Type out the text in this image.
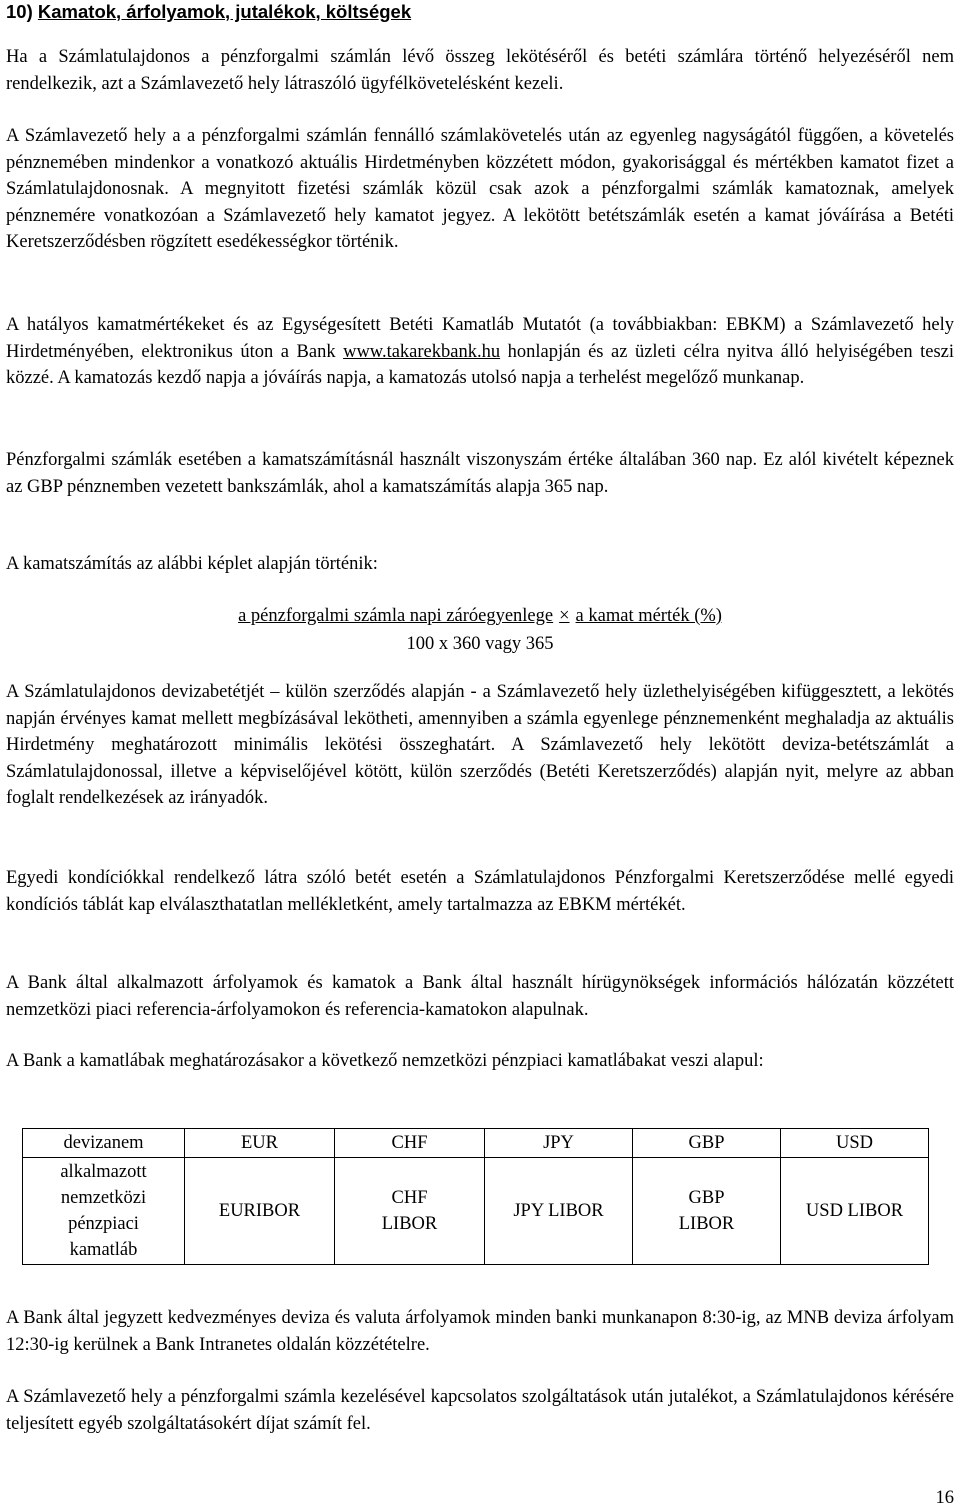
10) Kamatok, árfolyamok, jutalékok, költségek

Ha a Számlatulajdonos a pénzforgalmi számlán lévő összeg lekötéséről és betéti számlára történő helyezéséről nem rendelkezik, azt a Számlavezető hely látraszóló ügyfélkövetelésként kezeli.

A Számlavezető hely a a pénzforgalmi számlán fennálló számlakövetelés után az egyenleg nagyságától függően, a követelés pénznemében mindenkor a vonatkozó aktuális Hirdetményben közzétett módon, gyakorisággal és mértékben kamatot fizet a Számlatulajdonosnak. A megnyitott fizetési számlák közül csak azok a pénzforgalmi számlák kamatoznak, amelyek pénznemére vonatkozóan a Számlavezető hely kamatot jegyez. A lekötött betétszámlák esetén a kamat jóváírása a Betéti Keretszerződésben rögzített esedékességkor történik.

A hatályos kamatmértékeket és az Egységesített Betéti Kamatláb Mutatót (a továbbiakban: EBKM) a Számlavezető hely Hirdetményében, elektronikus úton a Bank www.takarekbank.hu honlapján és az üzleti célra nyitva álló helyiségében teszi közzé. A kamatozás kezdő napja a jóváírás napja, a kamatozás utolsó napja a terhelést megelőző munkanap.

Pénzforgalmi számlák esetében a kamatszámításnál használt viszonyszám értéke általában 360 nap. Ez alól kivételt képeznek az GBP pénznemben vezetett bankszámlák, ahol a kamatszámítás alapja 365 nap.

A kamatszámítás az alábbi képlet alapján történik:

a pénzforgalmi számla napi záróegyenlege × a kamat mérték (%)
100 x 360 vagy 365

A Számlatulajdonos devizabetétjét – külön szerződés alapján - a Számlavezető hely üzlethelyiségében kifüggesztett, a lekötés napján érvényes kamat mellett megbízásával lekötheti, amennyiben a számla egyenlege pénznemenként meghaladja az aktuális Hirdetmény meghatározott minimális lekötési összeghatárt. A Számlavezető hely lekötött deviza-betétszámlát a Számlatulajdonossal, illetve a képviselőjével kötött, külön szerződés (Betéti Keretszerződés) alapján nyit, melyre az abban foglalt rendelkezések az irányadók.

Egyedi kondíciókkal rendelkező látra szóló betét esetén a Számlatulajdonos Pénzforgalmi Keretszerződése mellé egyedi kondíciós táblát kap elválaszthatatlan mellékletként, amely tartalmazza az EBKM mértékét.

A Bank által alkalmazott árfolyamok és kamatok a Bank által használt hírügynökségek információs hálózatán közzétett nemzetközi piaci referencia-árfolyamokon és referencia-kamatokon alapulnak.

A Bank a kamatlábak meghatározásakor a következő nemzetközi pénzpiaci kamatlábakat veszi alapul:

A Bank által jegyzett kedvezményes deviza és valuta árfolyamok minden banki munkanapon 8:30-ig, az MNB deviza árfolyam 12:30-ig kerülnek a Bank Intranetes oldalán közzétételre.

A Számlavezető hely a pénzforgalmi számla kezelésével kapcsolatos szolgáltatások után jutalékot, a Számlatulajdonos kérésére teljesített egyéb szolgáltatásokért díjat számít fel.

devizanem	EUR	CHF	JPY	GBP	USD
alkalmazott nemzetközi pénzpiaci kamatláb	EURIBOR	CHF LIBOR	JPY LIBOR	GBP LIBOR	USD LIBOR
16
